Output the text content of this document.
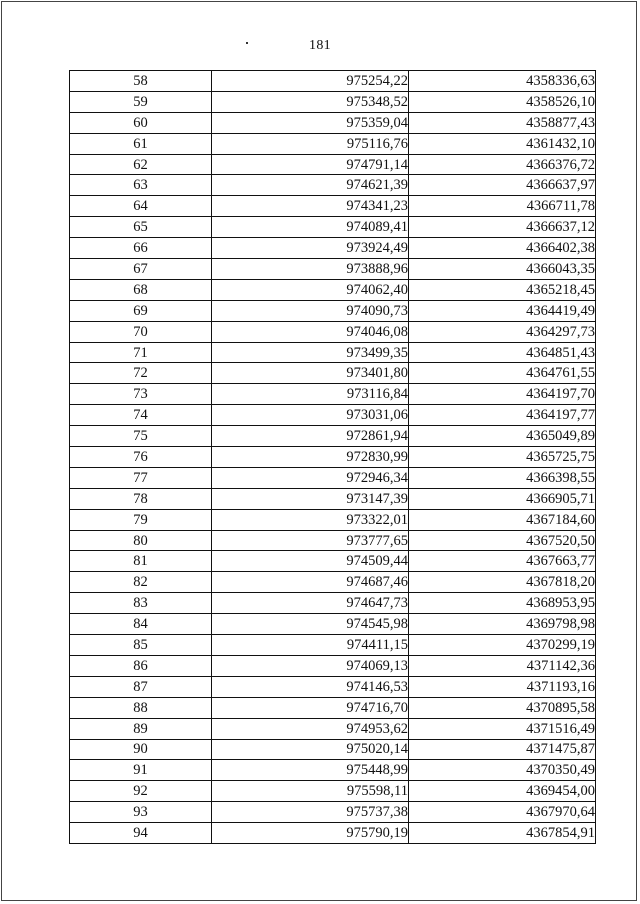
181
58	975254,22	4358336,63
59	975348,52	4358526,10
60	975359,04	4358877,43
61	975116,76	4361432,10
62	974791,14	4366376,72
63	974621,39	4366637,97
64	974341,23	4366711,78
65	974089,41	4366637,12
66	973924,49	4366402,38
67	973888,96	4366043,35
68	974062,40	4365218,45
69	974090,73	4364419,49
70	974046,08	4364297,73
71	973499,35	4364851,43
72	973401,80	4364761,55
73	973116,84	4364197,70
74	973031,06	4364197,77
75	972861,94	4365049,89
76	972830,99	4365725,75
77	972946,34	4366398,55
78	973147,39	4366905,71
79	973322,01	4367184,60
80	973777,65	4367520,50
81	974509,44	4367663,77
82	974687,46	4367818,20
83	974647,73	4368953,95
84	974545,98	4369798,98
85	974411,15	4370299,19
86	974069,13	4371142,36
87	974146,53	4371193,16
88	974716,70	4370895,58
89	974953,62	4371516,49
90	975020,14	4371475,87
91	975448,99	4370350,49
92	975598,11	4369454,00
93	975737,38	4367970,64
94	975790,19	4367854,91
